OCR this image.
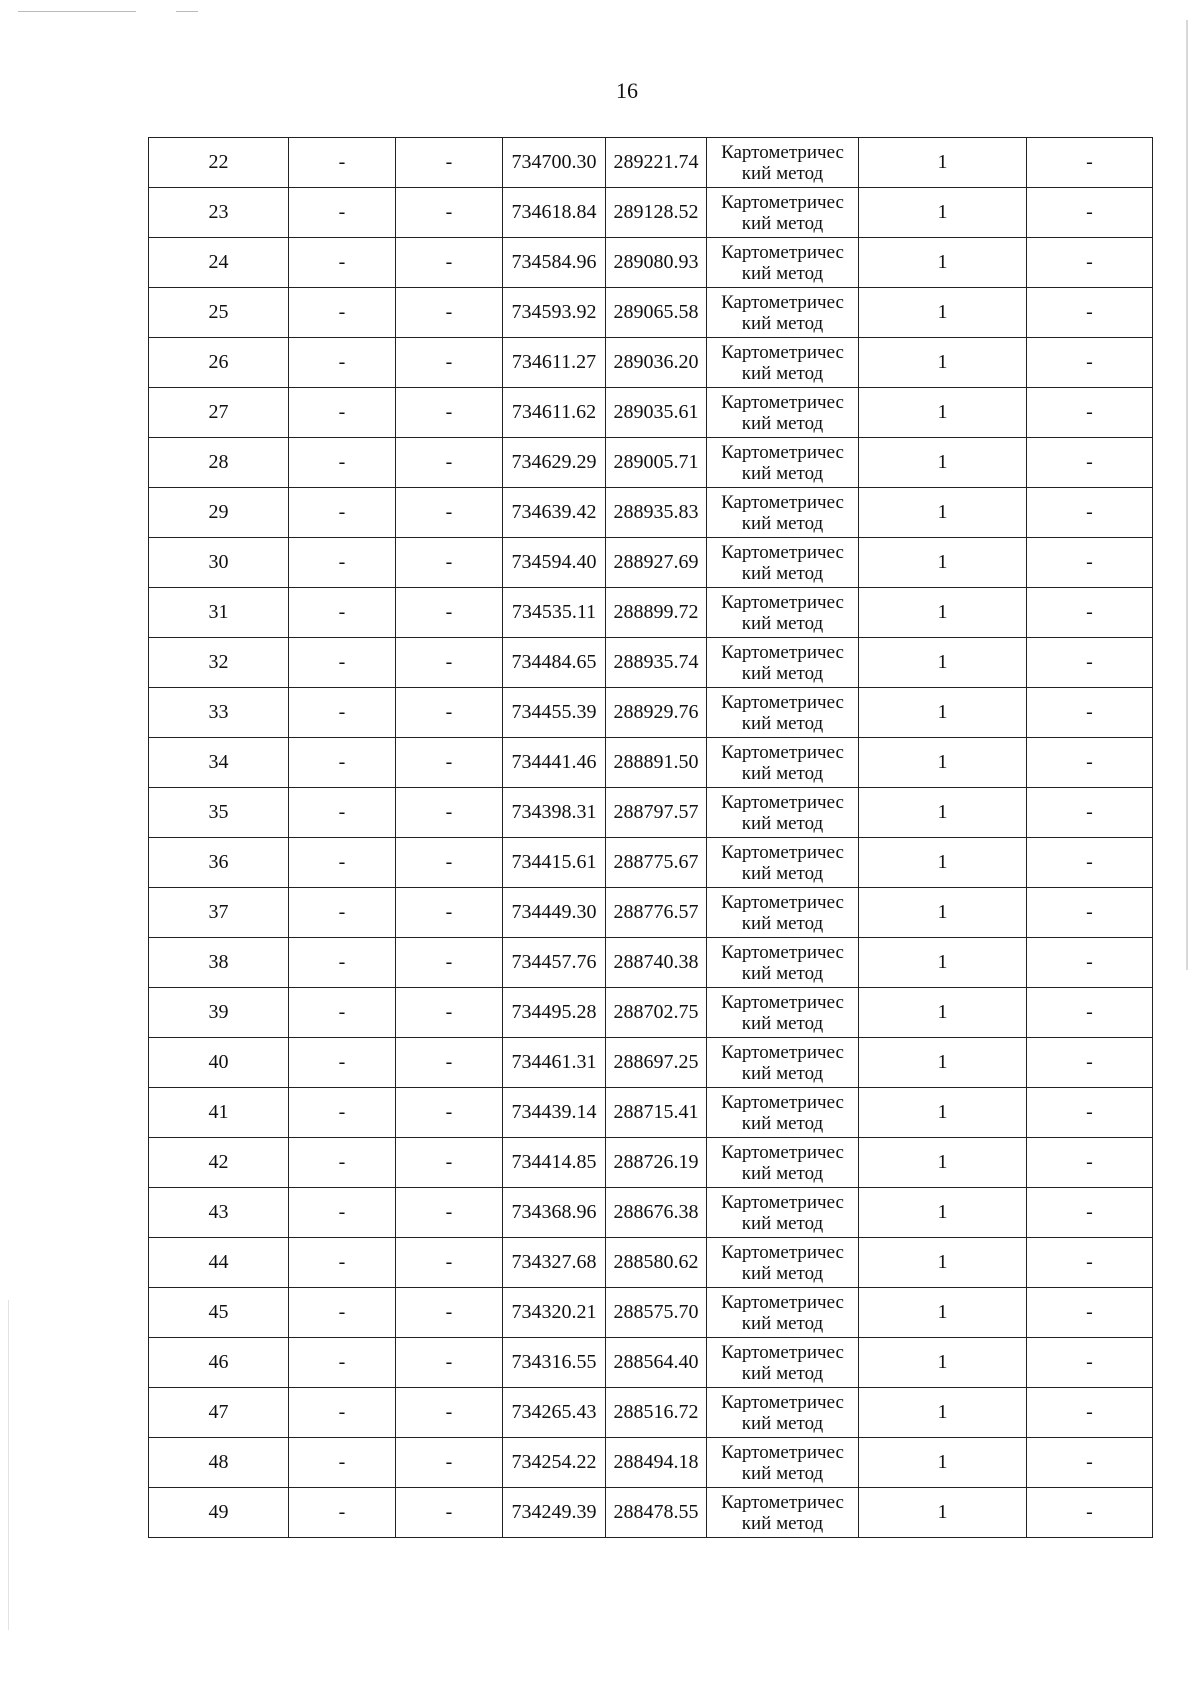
16
22	-	-	734700.30	289221.74	Картометричес кий метод	1	-
23	-	-	734618.84	289128.52	Картометричес кий метод	1	-
24	-	-	734584.96	289080.93	Картометричес кий метод	1	-
25	-	-	734593.92	289065.58	Картометричес кий метод	1	-
26	-	-	734611.27	289036.20	Картометричес кий метод	1	-
27	-	-	734611.62	289035.61	Картометричес кий метод	1	-
28	-	-	734629.29	289005.71	Картометричес кий метод	1	-
29	-	-	734639.42	288935.83	Картометричес кий метод	1	-
30	-	-	734594.40	288927.69	Картометричес кий метод	1	-
31	-	-	734535.11	288899.72	Картометричес кий метод	1	-
32	-	-	734484.65	288935.74	Картометричес кий метод	1	-
33	-	-	734455.39	288929.76	Картометричес кий метод	1	-
34	-	-	734441.46	288891.50	Картометричес кий метод	1	-
35	-	-	734398.31	288797.57	Картометричес кий метод	1	-
36	-	-	734415.61	288775.67	Картометричес кий метод	1	-
37	-	-	734449.30	288776.57	Картометричес кий метод	1	-
38	-	-	734457.76	288740.38	Картометричес кий метод	1	-
39	-	-	734495.28	288702.75	Картометричес кий метод	1	-
40	-	-	734461.31	288697.25	Картометричес кий метод	1	-
41	-	-	734439.14	288715.41	Картометричес кий метод	1	-
42	-	-	734414.85	288726.19	Картометричес кий метод	1	-
43	-	-	734368.96	288676.38	Картометричес кий метод	1	-
44	-	-	734327.68	288580.62	Картометричес кий метод	1	-
45	-	-	734320.21	288575.70	Картометричес кий метод	1	-
46	-	-	734316.55	288564.40	Картометричес кий метод	1	-
47	-	-	734265.43	288516.72	Картометричес кий метод	1	-
48	-	-	734254.22	288494.18	Картометричес кий метод	1	-
49	-	-	734249.39	288478.55	Картометричес кий метод	1	-
